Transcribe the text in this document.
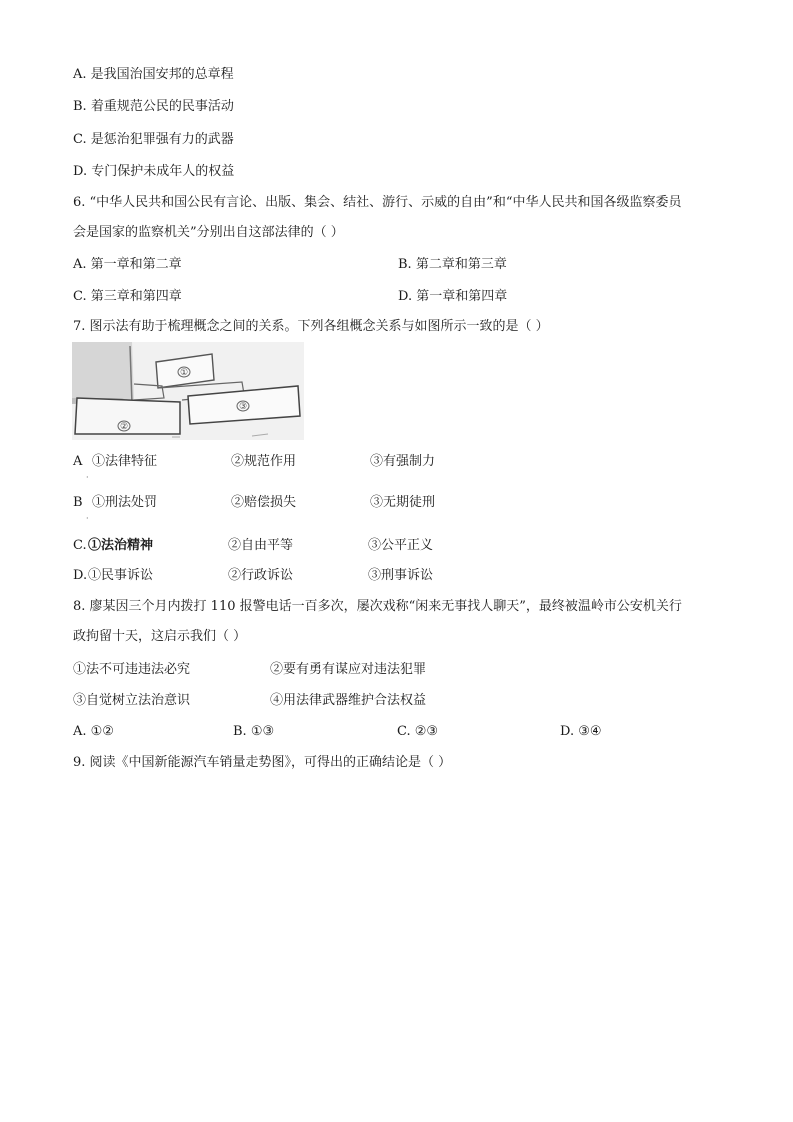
A. 是我国治国安邦的总章程
B. 着重规范公民的民事活动
C. 是惩治犯罪强有力的武器
D. 专门保护未成年人的权益
6. “中华人民共和国公民有言论、出版、集会、结社、游行、示威的自由”和“中华人民共和国各级监察委员
会是国家的监察机关”分别出自这部法律的（ ）
A. 第一章和第二章	B. 第二章和第三章
C. 第三章和第四章	D. 第一章和第四章
7. 图示法有助于梳理概念之间的关系。下列各组概念关系与如图所示一致的是（ ）
①
②
③
A ①法律特征	②规范作用	③有强制力
·
B ①刑法处罚	②赔偿损失	③无期徒刑
·
C. ①法治精神	②自由平等	③公平正义
D. ①民事诉讼	②行政诉讼	③刑事诉讼
8. 廖某因三个月内拨打 110 报警电话一百多次，屡次戏称“闲来无事找人聊天”，最终被温岭市公安机关行
政拘留十天，这启示我们（ ）
①法不可违违法必究	②要有勇有谋应对违法犯罪
③自觉树立法治意识	④用法律武器维护合法权益
A. ①②	B. ①③	C. ②③	D. ③④
9. 阅读《中国新能源汽车销量走势图》，可得出的正确结论是（ ）
